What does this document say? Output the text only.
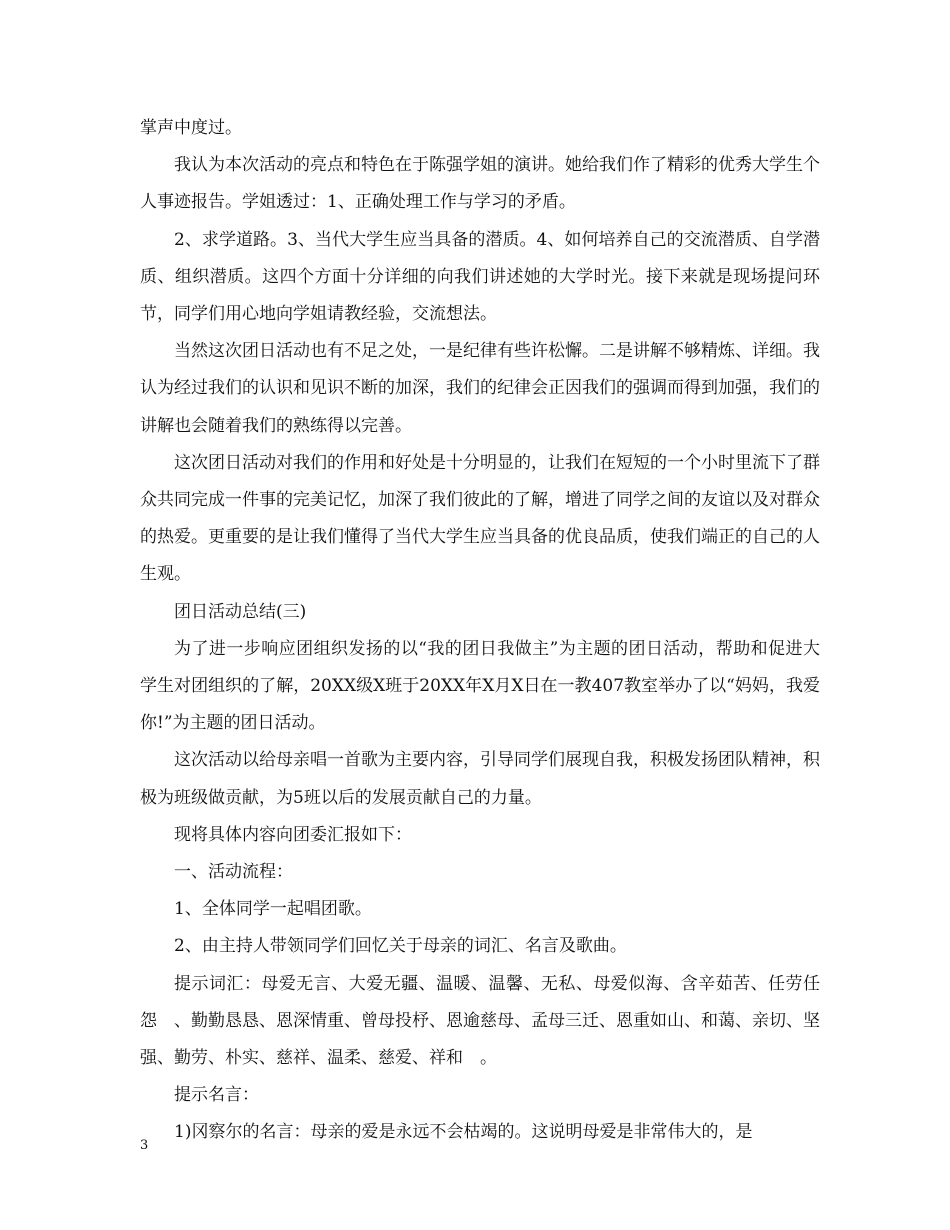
掌声中度过。

我认为本次活动的亮点和特色在于陈强学姐的演讲。她给我们作了精彩的优秀大学生个人事迹报告。学姐透过：1、正确处理工作与学习的矛盾。

2、求学道路。3、当代大学生应当具备的潜质。4、如何培养自己的交流潜质、自学潜质、组织潜质。这四个方面十分详细的向我们讲述她的大学时光。接下来就是现场提问环节，同学们用心地向学姐请教经验，交流想法。

当然这次团日活动也有不足之处，一是纪律有些许松懈。二是讲解不够精炼、详细。我认为经过我们的认识和见识不断的加深，我们的纪律会正因我们的强调而得到加强，我们的讲解也会随着我们的熟练得以完善。

这次团日活动对我们的作用和好处是十分明显的，让我们在短短的一个小时里流下了群众共同完成一件事的完美记忆，加深了我们彼此的了解，增进了同学之间的友谊以及对群众的热爱。更重要的是让我们懂得了当代大学生应当具备的优良品质，使我们端正的自己的人生观。

团日活动总结(三)

为了进一步响应团组织发扬的以“我的团日我做主”为主题的团日活动，帮助和促进大学生对团组织的了解，20XX级X班于20XX年X月X日在一教407教室举办了以“妈妈，我爱你!”为主题的团日活动。

这次活动以给母亲唱一首歌为主要内容，引导同学们展现自我，积极发扬团队精神，积极为班级做贡献，为5班以后的发展贡献自己的力量。

现将具体内容向团委汇报如下：

一、活动流程：

1、全体同学一起唱团歌。

2、由主持人带领同学们回忆关于母亲的词汇、名言及歌曲。

提示词汇：母爱无言、大爱无疆、温暖、温馨、无私、母爱似海、含辛茹苦、任劳任怨　、勤勤恳恳、恩深情重、曾母投杼、恩逾慈母、孟母三迁、恩重如山、和蔼、亲切、坚强、勤劳、朴实、慈祥、温柔、慈爱、祥和　。

提示名言：

1)冈察尔的名言：母亲的爱是永远不会枯竭的。这说明母爱是非常伟大的，是

3
